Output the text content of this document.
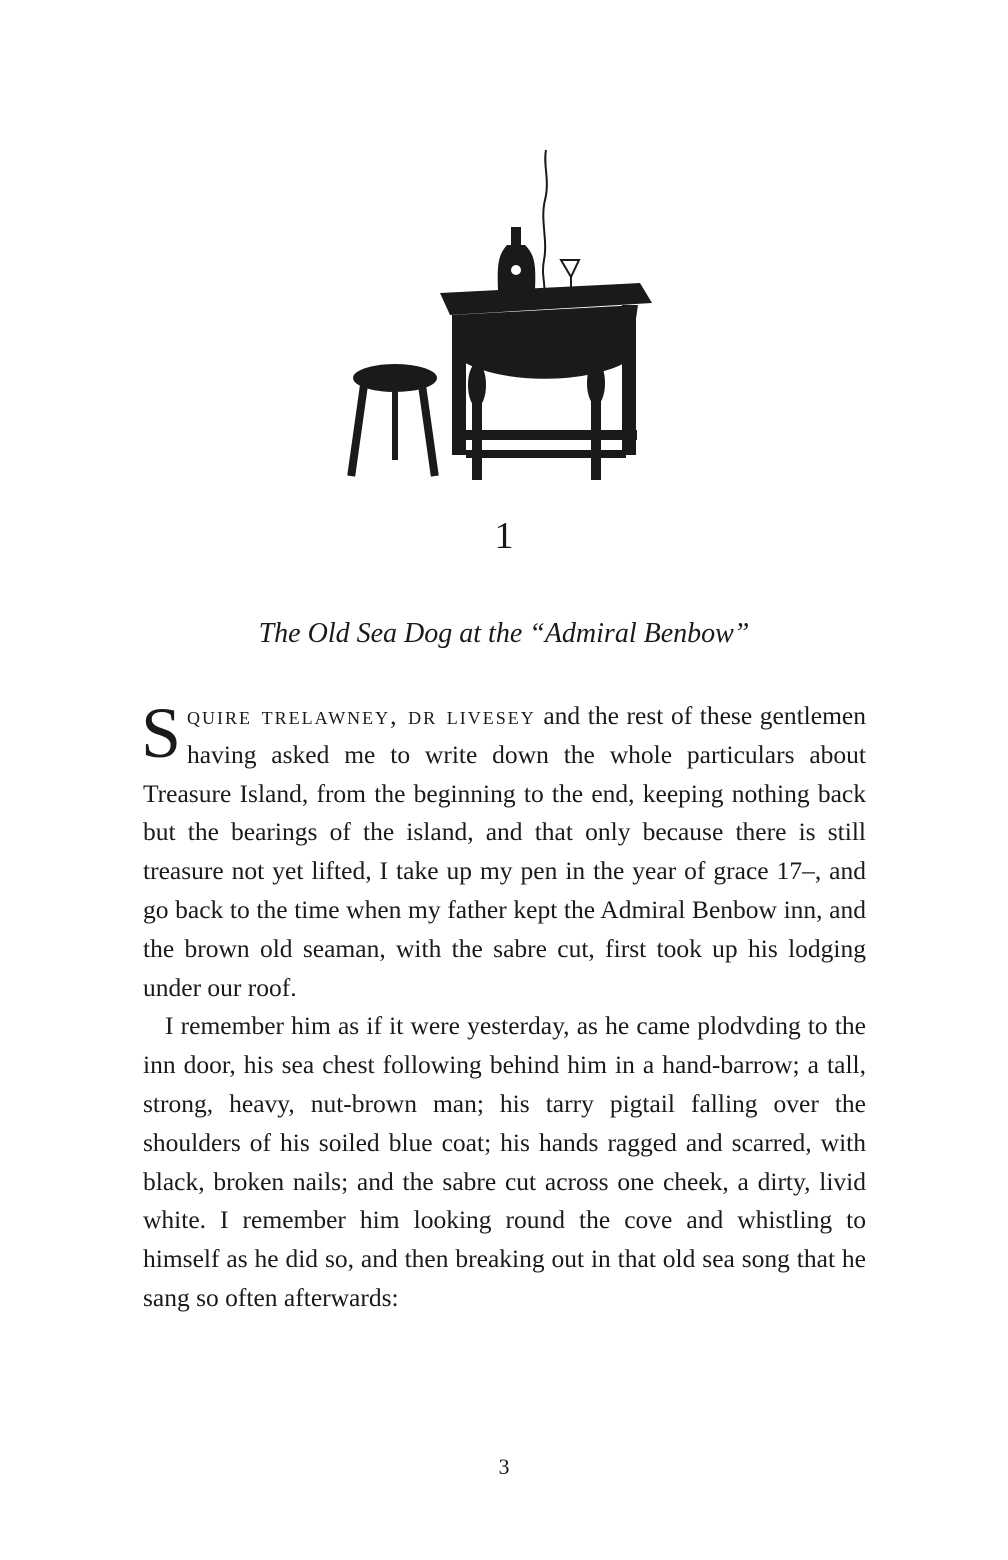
1
The Old Sea Dog at the “Admiral Benbow”

Squire trelawney, dr livesey and the rest of these gentlemen having asked me to write down the whole particulars about Treasure Island, from the beginning to the end, keeping nothing back but the bearings of the island, and that only because there is still treasure not yet lifted, I take up my pen in the year of grace 17–, and go back to the time when my father kept the Admiral Benbow inn, and the brown old seaman, with the sabre cut, first took up his lodging under our roof.

I remember him as if it were yesterday, as he came plodvding to the inn door, his sea chest following behind him in a hand-barrow; a tall, strong, heavy, nut-brown man; his tarry pigtail falling over the shoulders of his soiled blue coat; his hands ragged and scarred, with black, broken nails; and the sabre cut across one cheek, a dirty, livid white. I remember him looking round the cove and whistling to himself as he did so, and then breaking out in that old sea song that he sang so often afterwards:

3
